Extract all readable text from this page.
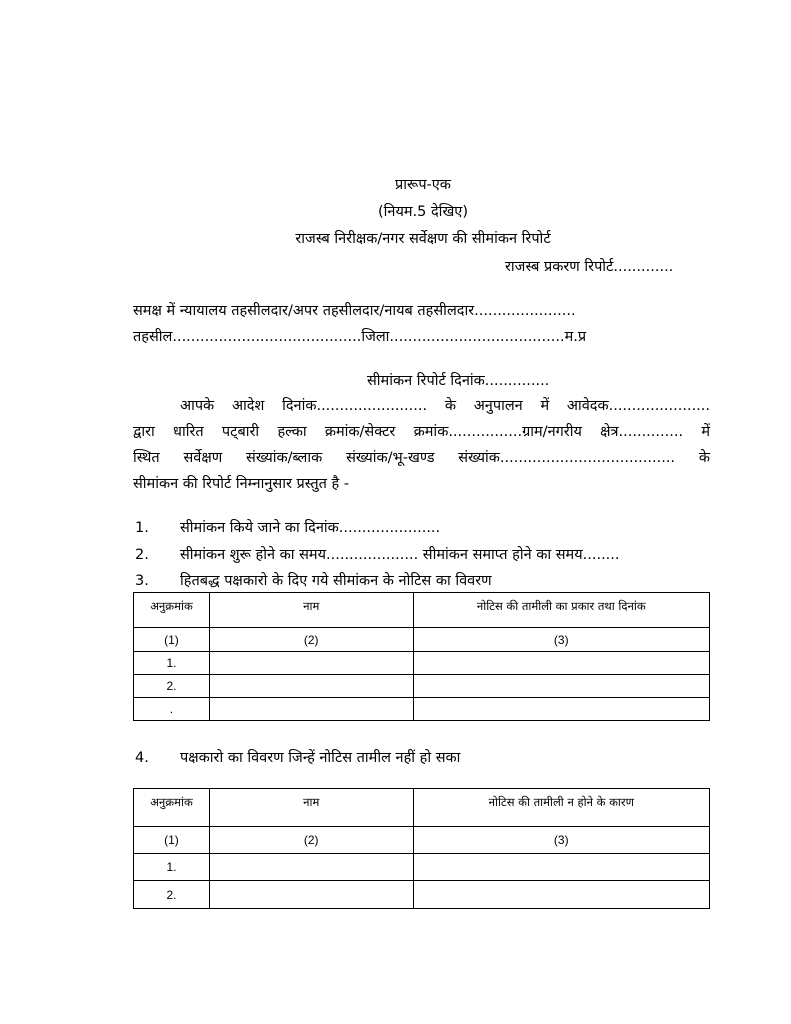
प्रारूप-एक
(नियम.5 देखिए)
राजस्ब निरीक्षक/नगर सर्वेक्षण की सीमांकन रिपोर्ट
राजस्ब प्रकरण रिपोर्ट.............
समक्ष में न्यायालय तहसीलदार/अपर तहसीलदार/नायब तहसीलदार......................
तहसील.........................................जिला......................................म.प्र
सीमांकन रिपोर्ट दिनांक..............
आपके आदेश दिनांक........................ के अनुपालन में आवेदक......................
द्वारा धारित पट्बारी हल्का क्रमांक/सेक्टर क्रमांक................ग्राम/नगरीय क्षेत्र.............. में
स्थित सर्वेक्षण संख्यांक/ब्लाक संख्यांक/भू-खण्ड संख्यांक...................................... के
सीमांकन की रिपोर्ट निम्नानुसार प्रस्तुत है -
1. सीमांकन किये जाने का दिनांक......................
2. सीमांकन शुरू होने का समय.................... सीमांकन समाप्त होने का समय........
3. हितबद्ध पक्षकारो के दिए गये सीमांकन के नोटिस का विवरण
अनुक्रमांक	नाम	नोटिस की तामीली का प्रकार तथा दिनांक
(1)	(2)	(3)
1.		
2.		
.		
4. पक्षकारो का विवरण जिन्हें नोटिस तामील नहीं हो सका
अनुक्रमांक	नाम	नोटिस की तामीली न होने के कारण
(1)	(2)	(3)
1.		
2.		
